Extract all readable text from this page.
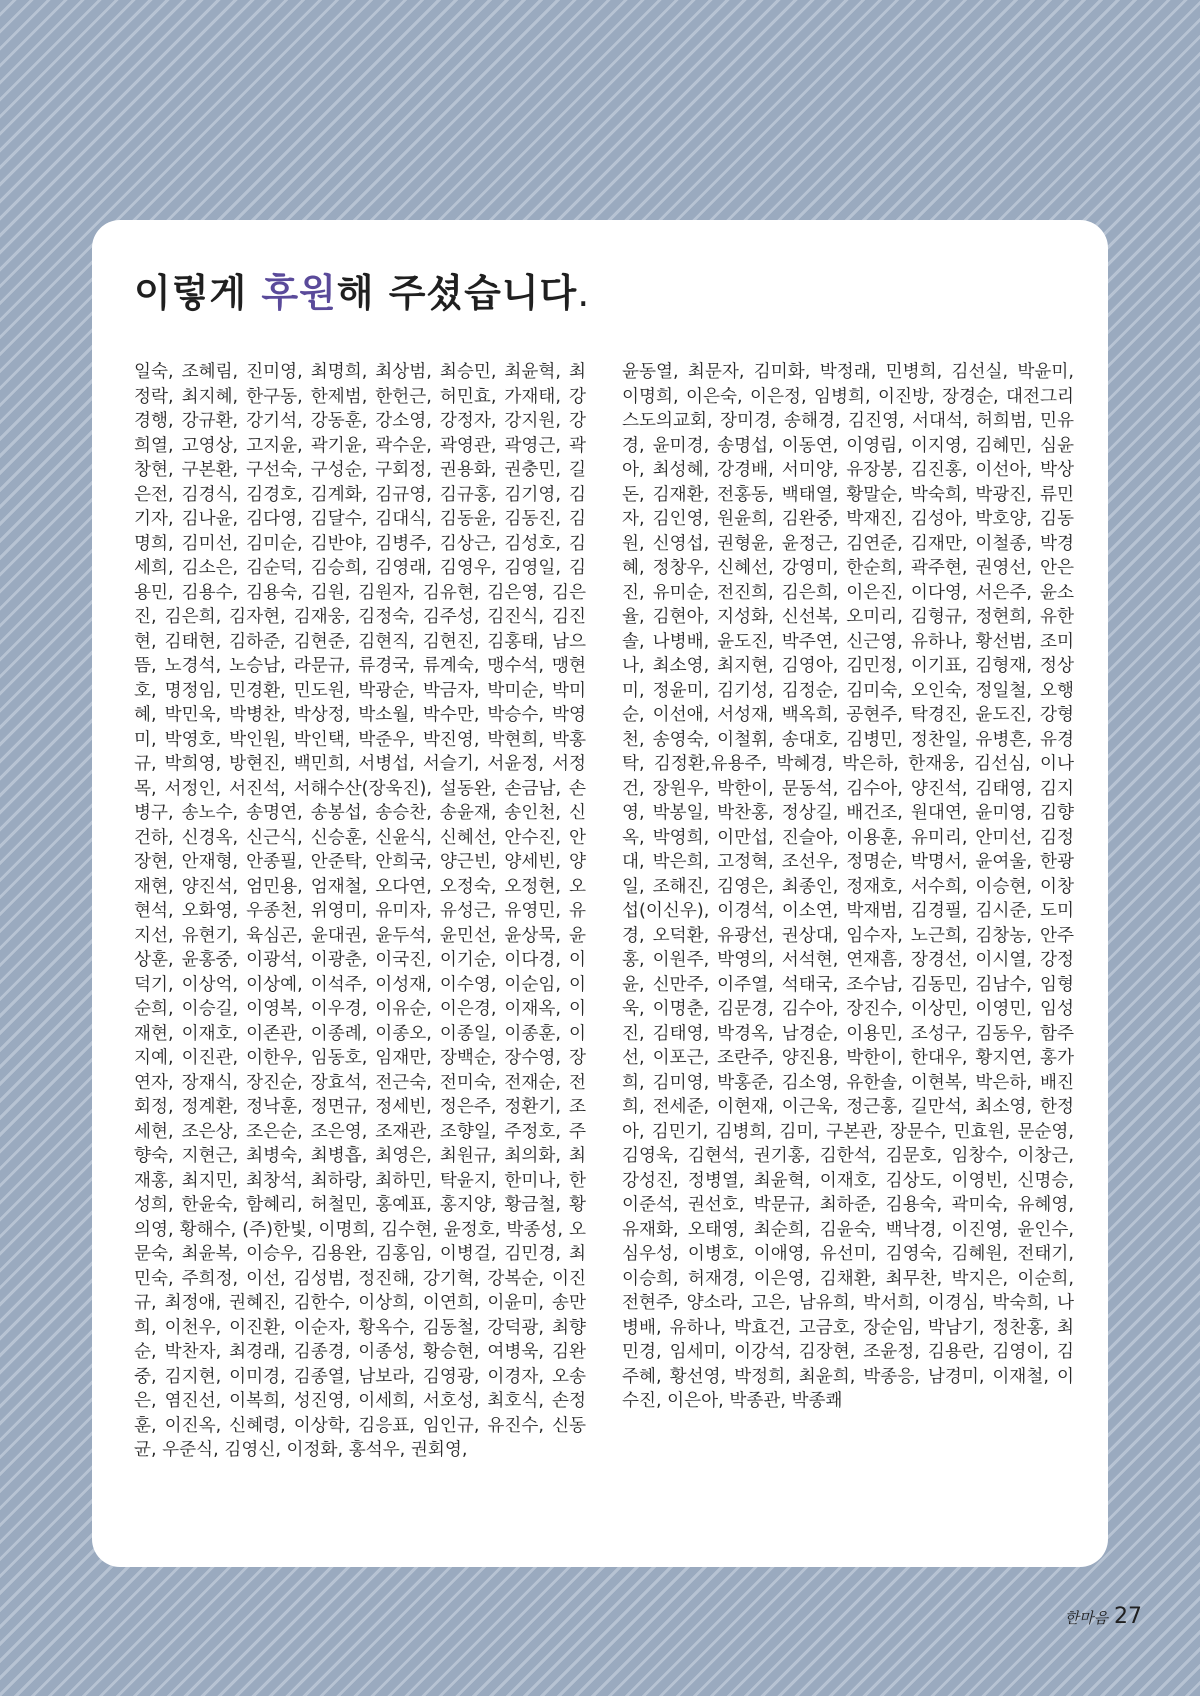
이렇게 후원해 주셨습니다.

일숙, 조혜림, 진미영, 최명희, 최상범, 최승민, 최윤혁, 최정락, 최지혜, 한구동, 한제범, 한헌근, 허민효, 가재태, 강경행, 강규환, 강기석, 강동훈, 강소영, 강정자, 강지원, 강희열, 고영상, 고지윤, 곽기윤, 곽수운, 곽영관, 곽영근, 곽창현, 구본환, 구선숙, 구성순, 구회정, 권용화, 권충민, 길은전, 김경식, 김경호, 김계화, 김규영, 김규홍, 김기영, 김기자, 김나윤, 김다영, 김달수, 김대식, 김동윤, 김동진, 김명희, 김미선, 김미순, 김반야, 김병주, 김상근, 김성호, 김세희, 김소은, 김순덕, 김승희, 김영래, 김영우, 김영일, 김용민, 김용수, 김용숙, 김원, 김원자, 김유현, 김은영, 김은진, 김은희, 김자현, 김재웅, 김정숙, 김주성, 김진식, 김진현, 김태현, 김하준, 김현준, 김현직, 김현진, 김홍태, 남으뜸, 노경석, 노승남, 라문규, 류경국, 류계숙, 맹수석, 맹현호, 명정임, 민경환, 민도원, 박광순, 박금자, 박미순, 박미혜, 박민욱, 박병찬, 박상정, 박소월, 박수만, 박승수, 박영미, 박영호, 박인원, 박인택, 박준우, 박진영, 박현희, 박홍규, 박희영, 방현진, 백민희, 서병섭, 서슬기, 서윤정, 서정목, 서정인, 서진석, 서해수산(장욱진), 설동완, 손금남, 손병구, 송노수, 송명연, 송봉섭, 송승찬, 송윤재, 송인천, 신건하, 신경옥, 신근식, 신승훈, 신윤식, 신혜선, 안수진, 안장현, 안재형, 안종필, 안준탁, 안희국, 양근빈, 양세빈, 양재현, 양진석, 엄민용, 엄재철, 오다연, 오정숙, 오정현, 오현석, 오화영, 우종천, 위영미, 유미자, 유성근, 유영민, 유지선, 유현기, 육심곤, 윤대권, 윤두석, 윤민선, 윤상묵, 윤상훈, 윤홍중, 이광석, 이광춘, 이국진, 이기순, 이다경, 이덕기, 이상억, 이상예, 이석주, 이성재, 이수영, 이순임, 이순희, 이승길, 이영복, 이우경, 이유순, 이은경, 이재옥, 이재현, 이재호, 이존관, 이종례, 이종오, 이종일, 이종훈, 이지예, 이진관, 이한우, 임동호, 임재만, 장백순, 장수영, 장연자, 장재식, 장진순, 장효석, 전근숙, 전미숙, 전재순, 전회정, 정계환, 정낙훈, 정면규, 정세빈, 정은주, 정환기, 조세현, 조은상, 조은순, 조은영, 조재관, 조향일, 주정호, 주향숙, 지현근, 최병숙, 최병흡, 최영은, 최원규, 최의화, 최재홍, 최지민, 최창석, 최하랑, 최하민, 탁윤지, 한미나, 한성희, 한윤숙, 함혜리, 허철민, 홍예표, 홍지양, 황금철, 황의영, 황해수, (주)한빛, 이명희, 김수현, 윤정호, 박종성, 오문숙, 최윤복, 이승우, 김용완, 김홍임, 이병걸, 김민경, 최민숙, 주희정, 이선, 김성범, 정진해, 강기혁, 강복순, 이진규, 최정애, 권혜진, 김한수, 이상희, 이연희, 이윤미, 송만희, 이천우, 이진환, 이순자, 황옥수, 김동철, 강덕광, 최향순, 박찬자, 최경래, 김종경, 이종성, 황승현, 여병욱, 김완중, 김지현, 이미경, 김종열, 남보라, 김영광, 이경자, 오송은, 염진선, 이복희, 성진영, 이세희, 서호성, 최호식, 손정훈, 이진옥, 신혜령, 이상학, 김응표, 임인규, 유진수, 신동균, 우준식, 김영신, 이정화, 홍석우, 권회영,

윤동열, 최문자, 김미화, 박정래, 민병희, 김선실, 박윤미, 이명희, 이은숙, 이은정, 임병희, 이진방, 장경순, 대전그리스도의교회, 장미경, 송해경, 김진영, 서대석, 허희범, 민유경, 윤미경, 송명섭, 이동연, 이영림, 이지영, 김혜민, 심윤아, 최성혜, 강경배, 서미양, 유장봉, 김진홍, 이선아, 박상돈, 김재환, 전홍동, 백태열, 황말순, 박숙희, 박광진, 류민자, 김인영, 원윤희, 김완중, 박재진, 김성아, 박호양, 김동원, 신영섭, 권형윤, 윤정근, 김연준, 김재만, 이철종, 박경혜, 정창우, 신혜선, 강영미, 한순희, 곽주현, 권영선, 안은진, 유미순, 전진희, 김은희, 이은진, 이다영, 서은주, 윤소율, 김현아, 지성화, 신선복, 오미리, 김형규, 정현희, 유한솔, 나병배, 윤도진, 박주연, 신근영, 유하나, 황선범, 조미나, 최소영, 최지현, 김영아, 김민정, 이기표, 김형재, 정상미, 정윤미, 김기성, 김정순, 김미숙, 오인숙, 정일철, 오행순, 이선애, 서성재, 백옥희, 공현주, 탁경진, 윤도진, 강형천, 송영숙, 이철휘, 송대호, 김병민, 정찬일, 유병흔, 유경탁, 김정환,유용주, 박혜경, 박은하, 한재웅, 김선심, 이나건, 장원우, 박한이, 문동석, 김수아, 양진석, 김태영, 김지영, 박봉일, 박찬홍, 정상길, 배건조, 원대연, 윤미영, 김향옥, 박영희, 이만섭, 진슬아, 이용훈, 유미리, 안미선, 김정대, 박은희, 고정혁, 조선우, 정명순, 박명서, 윤여울, 한광일, 조해진, 김영은, 최종인, 정재호, 서수희, 이승현, 이창섭(이신우), 이경석, 이소연, 박재범, 김경필, 김시준, 도미경, 오덕환, 유광선, 권상대, 임수자, 노근희, 김창농, 안주홍, 이원주, 박영의, 서석현, 연재흠, 장경선, 이시열, 강정윤, 신만주, 이주열, 석태국, 조수남, 김동민, 김남수, 임형욱, 이명춘, 김문경, 김수아, 장진수, 이상민, 이영민, 임성진, 김태영, 박경옥, 남경순, 이용민, 조성구, 김동우, 함주선, 이포근, 조란주, 양진용, 박한이, 한대우, 황지연, 홍가희, 김미영, 박홍준, 김소영, 유한솔, 이현복, 박은하, 배진희, 전세준, 이현재, 이근욱, 정근홍, 길만석, 최소영, 한정아, 김민기, 김병희, 김미, 구본관, 장문수, 민효원, 문순영, 김영욱, 김현석, 권기홍, 김한석, 김문호, 임창수, 이창근, 강성진, 정병열, 최윤혁, 이재호, 김상도, 이영빈, 신명승, 이준석, 권선호, 박문규, 최하준, 김용숙, 곽미숙, 유혜영, 유재화, 오태영, 최순희, 김윤숙, 백낙경, 이진영, 윤인수, 심우성, 이병호, 이애영, 유선미, 김영숙, 김혜원, 전태기, 이승희, 허재경, 이은영, 김채환, 최무찬, 박지은, 이순희, 전현주, 양소라, 고은, 남유희, 박서희, 이경심, 박숙희, 나병배, 유하나, 박효건, 고금호, 장순임, 박남기, 정찬홍, 최민경, 임세미, 이강석, 김장현, 조윤정, 김용란, 김영이, 김주혜, 황선영, 박정희, 최윤희, 박종응, 남경미, 이재철, 이수진, 이은아, 박종관, 박종쾌

한마음 27
